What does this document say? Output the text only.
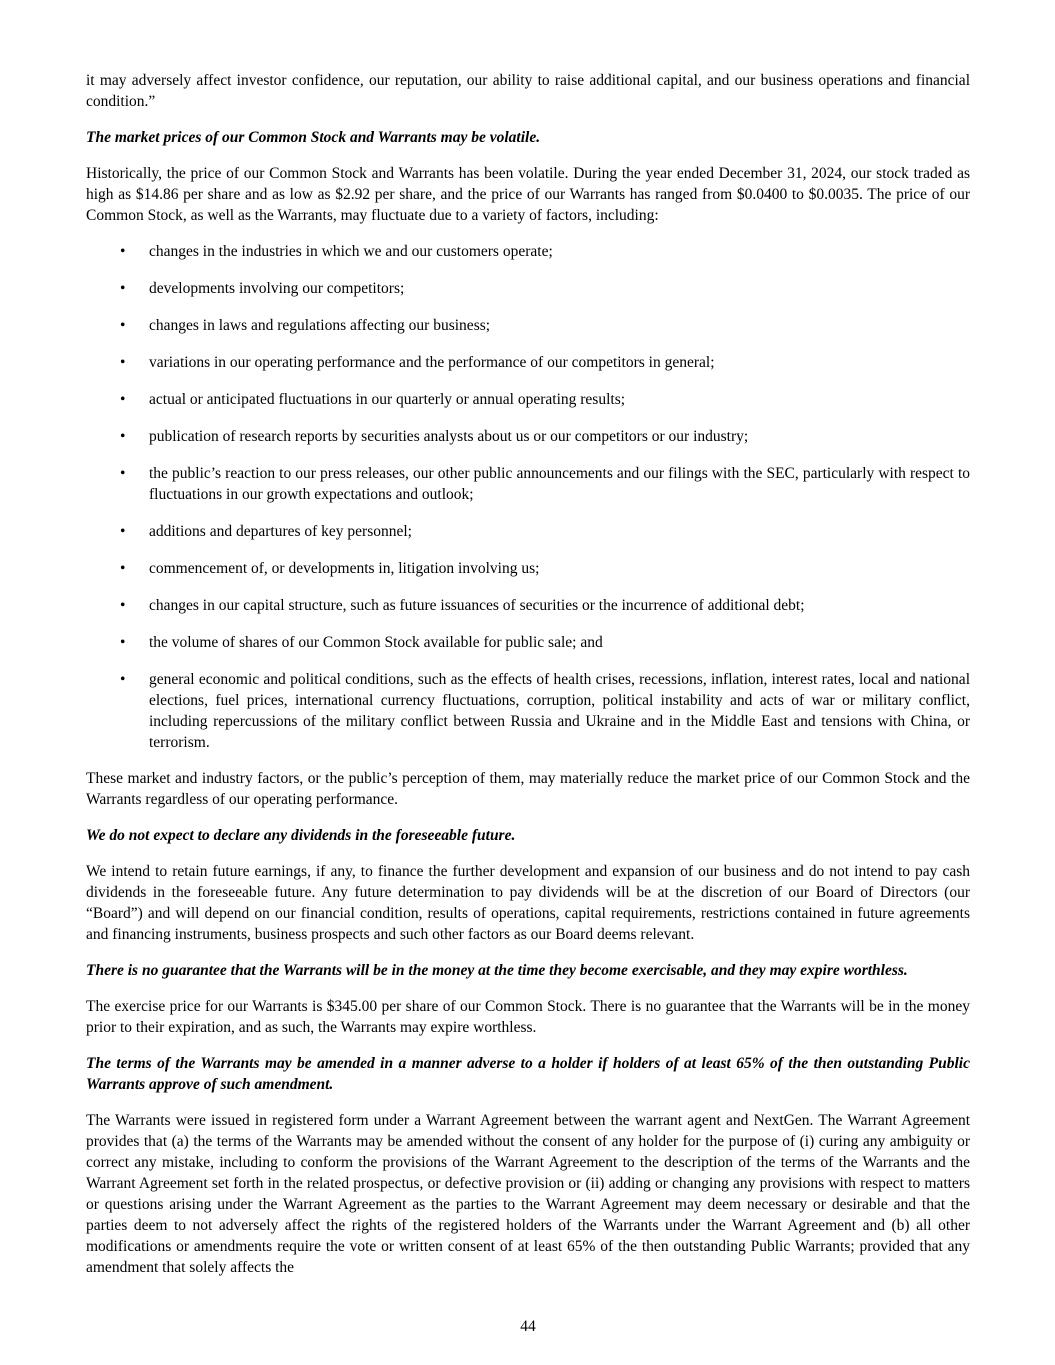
it may adversely affect investor confidence, our reputation, our ability to raise additional capital, and our business operations and financial condition.”

The market prices of our Common Stock and Warrants may be volatile.

Historically, the price of our Common Stock and Warrants has been volatile. During the year ended December 31, 2024, our stock traded as high as $14.86 per share and as low as $2.92 per share, and the price of our Warrants has ranged from $0.0400 to $0.0035. The price of our Common Stock, as well as the Warrants, may fluctuate due to a variety of factors, including:

• changes in the industries in which we and our customers operate;
• developments involving our competitors;
• changes in laws and regulations affecting our business;
• variations in our operating performance and the performance of our competitors in general;
• actual or anticipated fluctuations in our quarterly or annual operating results;
• publication of research reports by securities analysts about us or our competitors or our industry;
• the public’s reaction to our press releases, our other public announcements and our filings with the SEC, particularly with respect to fluctuations in our growth expectations and outlook;
• additions and departures of key personnel;
• commencement of, or developments in, litigation involving us;
• changes in our capital structure, such as future issuances of securities or the incurrence of additional debt;
• the volume of shares of our Common Stock available for public sale; and
• general economic and political conditions, such as the effects of health crises, recessions, inflation, interest rates, local and national elections, fuel prices, international currency fluctuations, corruption, political instability and acts of war or military conflict, including repercussions of the military conflict between Russia and Ukraine and in the Middle East and tensions with China, or terrorism.

These market and industry factors, or the public’s perception of them, may materially reduce the market price of our Common Stock and the Warrants regardless of our operating performance.

We do not expect to declare any dividends in the foreseeable future.

We intend to retain future earnings, if any, to finance the further development and expansion of our business and do not intend to pay cash dividends in the foreseeable future. Any future determination to pay dividends will be at the discretion of our Board of Directors (our “Board”) and will depend on our financial condition, results of operations, capital requirements, restrictions contained in future agreements and financing instruments, business prospects and such other factors as our Board deems relevant.

There is no guarantee that the Warrants will be in the money at the time they become exercisable, and they may expire worthless.

The exercise price for our Warrants is $345.00 per share of our Common Stock. There is no guarantee that the Warrants will be in the money prior to their expiration, and as such, the Warrants may expire worthless.

The terms of the Warrants may be amended in a manner adverse to a holder if holders of at least 65% of the then outstanding Public Warrants approve of such amendment.

The Warrants were issued in registered form under a Warrant Agreement between the warrant agent and NextGen. The Warrant Agreement provides that (a) the terms of the Warrants may be amended without the consent of any holder for the purpose of (i) curing any ambiguity or correct any mistake, including to conform the provisions of the Warrant Agreement to the description of the terms of the Warrants and the Warrant Agreement set forth in the related prospectus, or defective provision or (ii) adding or changing any provisions with respect to matters or questions arising under the Warrant Agreement as the parties to the Warrant Agreement may deem necessary or desirable and that the parties deem to not adversely affect the rights of the registered holders of the Warrants under the Warrant Agreement and (b) all other modifications or amendments require the vote or written consent of at least 65% of the then outstanding Public Warrants; provided that any amendment that solely affects the

44
